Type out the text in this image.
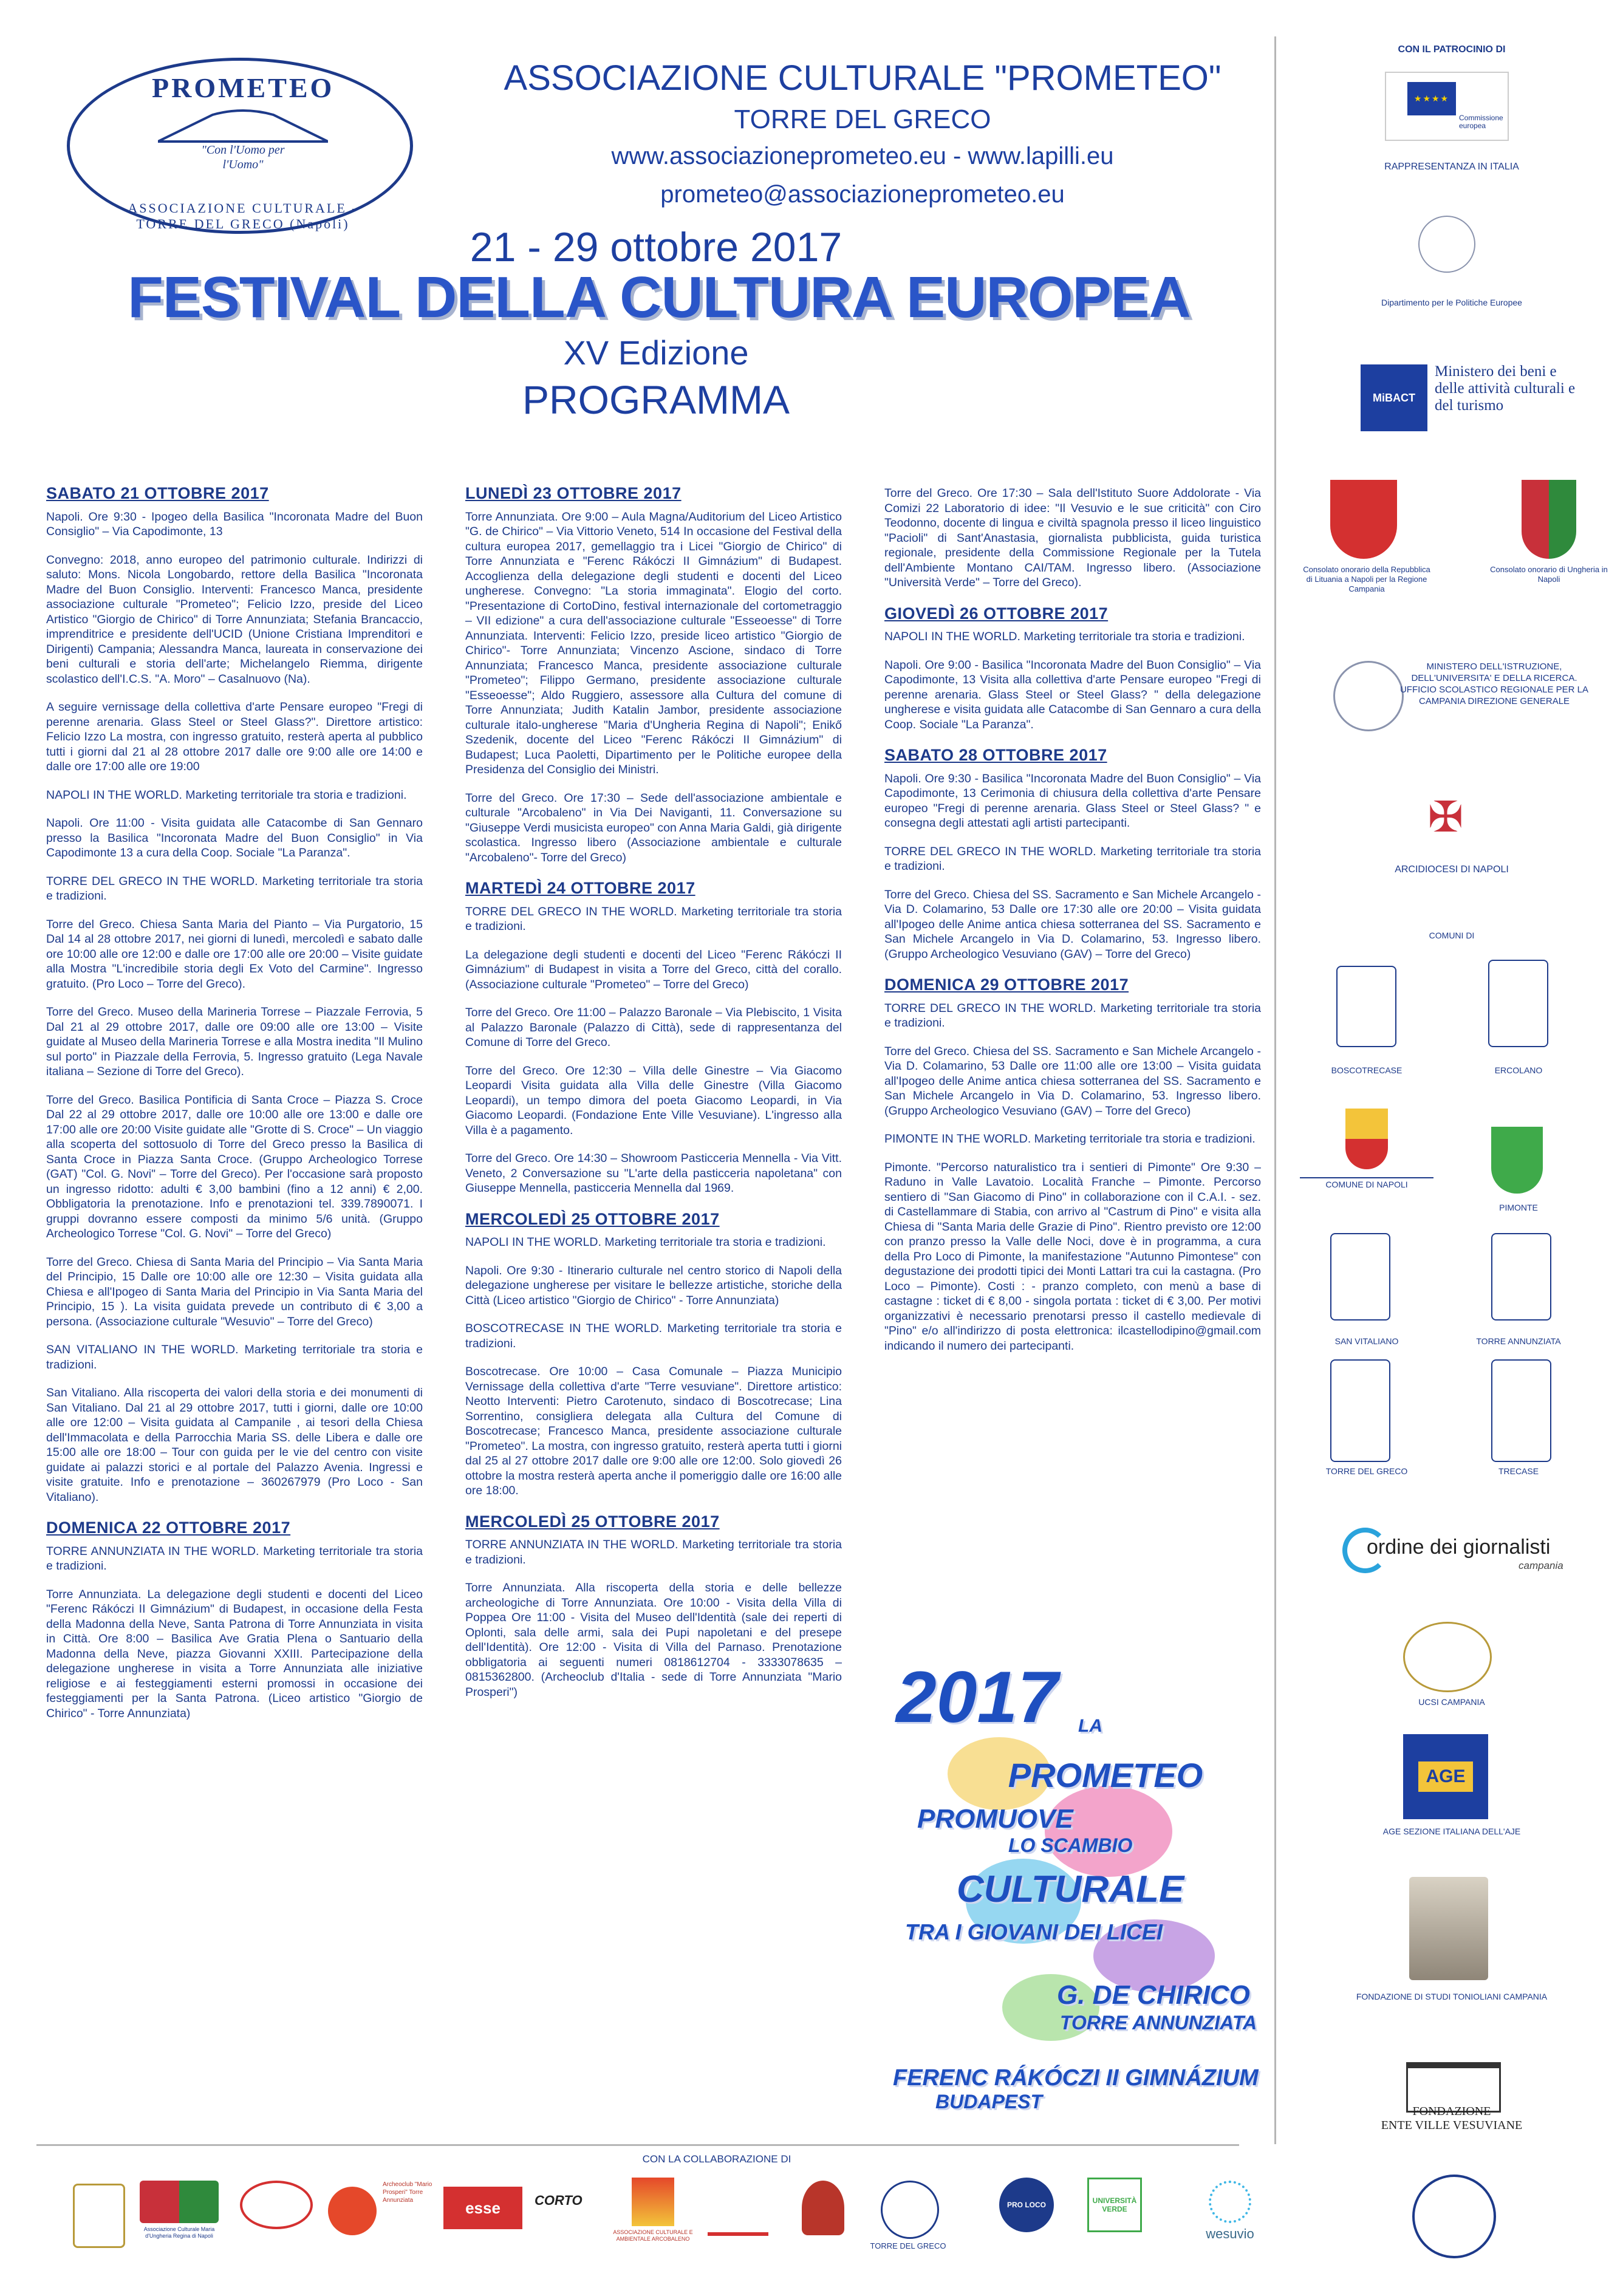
PROMETEO
"Con l'Uomo per l'Uomo"
ASSOCIAZIONE CULTURALE - TORRE DEL GRECO (Napoli)
ASSOCIAZIONE CULTURALE "PROMETEO"
TORRE DEL GRECO
www.associazioneprometeo.eu - www.lapilli.eu
prometeo@associazioneprometeo.eu
21 - 29 ottobre 2017
FESTIVAL DELLA CULTURA EUROPEA
XV Edizione
PROGRAMMA
SABATO 21 OTTOBRE 2017

Napoli. Ore 9:30 - Ipogeo della Basilica "Incoronata Madre del Buon Consiglio" – Via Capodimonte, 13

Convegno: 2018, anno europeo del patrimonio culturale. Indirizzi di saluto: Mons. Nicola Longobardo, rettore della Basilica "Incoronata Madre del Buon Consiglio. Interventi: Francesco Manca, presidente associazione culturale "Prometeo"; Felicio Izzo, preside del Liceo Artistico "Giorgio de Chirico" di Torre Annunziata; Stefania Brancaccio, imprenditrice e presidente dell'UCID (Unione Cristiana Imprenditori e Dirigenti) Campania; Alessandra Manca, laureata in conservazione dei beni culturali e storia dell'arte; Michelangelo Riemma, dirigente scolastico dell'I.C.S. "A. Moro" – Casalnuovo (Na).

A seguire vernissage della collettiva d'arte Pensare europeo "Fregi di perenne arenaria. Glass Steel or Steel Glass?". Direttore artistico: Felicio Izzo La mostra, con ingresso gratuito, resterà aperta al pubblico tutti i giorni dal 21 al 28 ottobre 2017 dalle ore 9:00 alle ore 14:00 e dalle ore 17:00 alle ore 19:00

NAPOLI IN THE WORLD. Marketing territoriale tra storia e tradizioni.

Napoli. Ore 11:00 - Visita guidata alle Catacombe di San Gennaro presso la Basilica "Incoronata Madre del Buon Consiglio" in Via Capodimonte 13 a cura della Coop. Sociale "La Paranza".

TORRE DEL GRECO IN THE WORLD. Marketing territoriale tra storia e tradizioni.

Torre del Greco. Chiesa Santa Maria del Pianto – Via Purgatorio, 15 Dal 14 al 28 ottobre 2017, nei giorni di lunedì, mercoledì e sabato dalle ore 10:00 alle ore 12:00 e dalle ore 17:00 alle ore 20:00 – Visite guidate alla Mostra "L'incredibile storia degli Ex Voto del Carmine". Ingresso gratuito. (Pro Loco – Torre del Greco).

Torre del Greco. Museo della Marineria Torrese – Piazzale Ferrovia, 5 Dal 21 al 29 ottobre 2017, dalle ore 09:00 alle ore 13:00 – Visite guidate al Museo della Marineria Torrese e alla Mostra inedita "Il Mulino sul porto" in Piazzale della Ferrovia, 5. Ingresso gratuito (Lega Navale italiana – Sezione di Torre del Greco).

Torre del Greco. Basilica Pontificia di Santa Croce – Piazza S. Croce Dal 22 al 29 ottobre 2017, dalle ore 10:00 alle ore 13:00 e dalle ore 17:00 alle ore 20:00 Visite guidate alle "Grotte di S. Croce" – Un viaggio alla scoperta del sottosuolo di Torre del Greco presso la Basilica di Santa Croce in Piazza Santa Croce. (Gruppo Archeologico Torrese (GAT) "Col. G. Novi" – Torre del Greco). Per l'occasione sarà proposto un ingresso ridotto: adulti € 3,00 bambini (fino a 12 anni) € 2,00. Obbligatoria la prenotazione. Info e prenotazioni tel. 339.7890071. I gruppi dovranno essere composti da minimo 5/6 unità. (Gruppo Archeologico Torrese "Col. G. Novi" – Torre del Greco)

Torre del Greco. Chiesa di Santa Maria del Principio – Via Santa Maria del Principio, 15 Dalle ore 10:00 alle ore 12:30 – Visita guidata alla Chiesa e all'Ipogeo di Santa Maria del Principio in Via Santa Maria del Principio, 15 ). La visita guidata prevede un contributo di € 3,00 a persona. (Associazione culturale "Wesuvio" – Torre del Greco)

SAN VITALIANO IN THE WORLD. Marketing territoriale tra storia e tradizioni.

San Vitaliano. Alla riscoperta dei valori della storia e dei monumenti di San Vitaliano. Dal 21 al 29 ottobre 2017, tutti i giorni, dalle ore 10:00 alle ore 12:00 – Visita guidata al Campanile , ai tesori della Chiesa dell'Immacolata e della Parrocchia Maria SS. delle Libera e dalle ore 15:00 alle ore 18:00 – Tour con guida per le vie del centro con visite guidate ai palazzi storici e al portale del Palazzo Avenia. Ingressi e visite gratuite. Info e prenotazione – 360267979 (Pro Loco - San Vitaliano).

DOMENICA 22 OTTOBRE 2017

TORRE ANNUNZIATA IN THE WORLD. Marketing territoriale tra storia e tradizioni.

Torre Annunziata. La delegazione degli studenti e docenti del Liceo "Ferenc Rákóczi II Gimnázium" di Budapest, in occasione della Festa della Madonna della Neve, Santa Patrona di Torre Annunziata in visita in Città. Ore 8:00 – Basilica Ave Gratia Plena o Santuario della Madonna della Neve, piazza Giovanni XXIII. Partecipazione della delegazione ungherese in visita a Torre Annunziata alle iniziative religiose e ai festeggiamenti esterni promossi in occasione dei festeggiamenti per la Santa Patrona. (Liceo artistico "Giorgio de Chirico" - Torre Annunziata)

LUNEDÌ 23 OTTOBRE 2017

Torre Annunziata. Ore 9:00 – Aula Magna/Auditorium del Liceo Artistico "G. de Chirico" – Via Vittorio Veneto, 514 In occasione del Festival della cultura europea 2017, gemellaggio tra i Licei "Giorgio de Chirico" di Torre Annunziata e "Ferenc Rákóczi II Gimnázium" di Budapest. Accoglienza della delegazione degli studenti e docenti del Liceo ungherese. Convegno: "La storia immaginata". Elogio del corto. "Presentazione di CortoDino, festival internazionale del cortometraggio – VII edizione" a cura dell'associazione culturale "Esseoesse" di Torre Annunziata. Interventi: Felicio Izzo, preside liceo artistico "Giorgio de Chirico"- Torre Annunziata; Vincenzo Ascione, sindaco di Torre Annunziata; Francesco Manca, presidente associazione culturale "Prometeo"; Filippo Germano, presidente associazione culturale "Esseoesse"; Aldo Ruggiero, assessore alla Cultura del comune di Torre Annunziata; Judith Katalin Jambor, presidente associazione culturale italo-ungherese "Maria d'Ungheria Regina di Napoli"; Enikő Szedenik, docente del Liceo "Ferenc Rákóczi II Gimnázium" di Budapest; Luca Paoletti, Dipartimento per le Politiche europee della Presidenza del Consiglio dei Ministri.

Torre del Greco. Ore 17:30 – Sede dell'associazione ambientale e culturale "Arcobaleno" in Via Dei Naviganti, 11. Conversazione su "Giuseppe Verdi musicista europeo" con Anna Maria Galdi, già dirigente scolastica. Ingresso libero (Associazione ambientale e culturale "Arcobaleno"- Torre del Greco)

MARTEDÌ 24 OTTOBRE 2017

TORRE DEL GRECO IN THE WORLD. Marketing territoriale tra storia e tradizioni.

La delegazione degli studenti e docenti del Liceo "Ferenc Rákóczi II Gimnázium" di Budapest in visita a Torre del Greco, città del corallo. (Associazione culturale "Prometeo" – Torre del Greco)

Torre del Greco. Ore 11:00 – Palazzo Baronale – Via Plebiscito, 1 Visita al Palazzo Baronale (Palazzo di Città), sede di rappresentanza del Comune di Torre del Greco.

Torre del Greco. Ore 12:30 – Villa delle Ginestre – Via Giacomo Leopardi Visita guidata alla Villa delle Ginestre (Villa Giacomo Leopardi), un tempo dimora del poeta Giacomo Leopardi, in Via Giacomo Leopardi. (Fondazione Ente Ville Vesuviane). L'ingresso alla Villa è a pagamento.

Torre del Greco. Ore 14:30 – Showroom Pasticceria Mennella - Via Vitt. Veneto, 2 Conversazione su "L'arte della pasticceria napoletana" con Giuseppe Mennella, pasticceria Mennella dal 1969.

MERCOLEDÌ 25 OTTOBRE 2017

NAPOLI IN THE WORLD. Marketing territoriale tra storia e tradizioni.

Napoli. Ore 9:30 - Itinerario culturale nel centro storico di Napoli della delegazione ungherese per visitare le bellezze artistiche, storiche della Città (Liceo artistico "Giorgio de Chirico" - Torre Annunziata)

BOSCOTRECASE IN THE WORLD. Marketing territoriale tra storia e tradizioni.

Boscotrecase. Ore 10:00 – Casa Comunale – Piazza Municipio Vernissage della collettiva d'arte "Terre vesuviane". Direttore artistico: Neotto Interventi: Pietro Carotenuto, sindaco di Boscotrecase; Lina Sorrentino, consigliera delegata alla Cultura del Comune di Boscotrecase; Francesco Manca, presidente associazione culturale "Prometeo". La mostra, con ingresso gratuito, resterà aperta tutti i giorni dal 25 al 27 ottobre 2017 dalle ore 9:00 alle ore 12:00. Solo giovedì 26 ottobre la mostra resterà aperta anche il pomeriggio dalle ore 16:00 alle ore 18:00.

MERCOLEDÌ 25 OTTOBRE 2017

TORRE ANNUNZIATA IN THE WORLD. Marketing territoriale tra storia e tradizioni.

Torre Annunziata. Alla riscoperta della storia e delle bellezze archeologiche di Torre Annunziata. Ore 10:00 - Visita della Villa di Poppea Ore 11:00 - Visita del Museo dell'Identità (sale dei reperti di Oplonti, sala delle armi, sala dei Pupi napoletani e del presepe dell'Identità). Ore 12:00 - Visita di Villa del Parnaso. Prenotazione obbligatoria ai seguenti numeri 0818612704 - 3333078635 – 0815362800. (Archeoclub d'Italia - sede di Torre Annunziata "Mario Prosperi")

Torre del Greco. Ore 17:30 – Sala dell'Istituto Suore Addolorate - Via Comizi 22 Laboratorio di idee: "Il Vesuvio e le sue criticità" con Ciro Teodonno, docente di lingua e civiltà spagnola presso il liceo linguistico "Pacioli" di Sant'Anastasia, giornalista pubblicista, guida turistica regionale, presidente della Commissione Regionale per la Tutela dell'Ambiente Montano CAI/TAM. Ingresso libero. (Associazione "Università Verde" – Torre del Greco).

GIOVEDÌ 26 OTTOBRE 2017

NAPOLI IN THE WORLD. Marketing territoriale tra storia e tradizioni.

Napoli. Ore 9:00 - Basilica "Incoronata Madre del Buon Consiglio" – Via Capodimonte, 13 Visita alla collettiva d'arte Pensare europeo "Fregi di perenne arenaria. Glass Steel or Steel Glass? " della delegazione ungherese e visita guidata alle Catacombe di San Gennaro a cura della Coop. Sociale "La Paranza".

SABATO 28 OTTOBRE 2017

Napoli. Ore 9:30 - Basilica "Incoronata Madre del Buon Consiglio" – Via Capodimonte, 13 Cerimonia di chiusura della collettiva d'arte Pensare europeo "Fregi di perenne arenaria. Glass Steel or Steel Glass? " e consegna degli attestati agli artisti partecipanti.

TORRE DEL GRECO IN THE WORLD. Marketing territoriale tra storia e tradizioni.

Torre del Greco. Chiesa del SS. Sacramento e San Michele Arcangelo - Via D. Colamarino, 53 Dalle ore 17:30 alle ore 20:00 – Visita guidata all'Ipogeo delle Anime antica chiesa sotterranea del SS. Sacramento e San Michele Arcangelo in Via D. Colamarino, 53. Ingresso libero. (Gruppo Archeologico Vesuviano (GAV) – Torre del Greco)

DOMENICA 29 OTTOBRE 2017

TORRE DEL GRECO IN THE WORLD. Marketing territoriale tra storia e tradizioni.

Torre del Greco. Chiesa del SS. Sacramento e San Michele Arcangelo - Via D. Colamarino, 53 Dalle ore 11:00 alle ore 13:00 – Visita guidata all'Ipogeo delle Anime antica chiesa sotterranea del SS. Sacramento e San Michele Arcangelo in Via D. Colamarino, 53. Ingresso libero. (Gruppo Archeologico Vesuviano (GAV) – Torre del Greco)

PIMONTE IN THE WORLD. Marketing territoriale tra storia e tradizioni.

Pimonte. "Percorso naturalistico tra i sentieri di Pimonte" Ore 9:30 – Raduno in Valle Lavatoio. Località Franche – Pimonte. Percorso sentiero di "San Giacomo di Pino" in collaborazione con il C.A.I. - sez. di Castellammare di Stabia, con arrivo al "Castrum di Pino" e visita alla Chiesa di "Santa Maria delle Grazie di Pino". Rientro previsto ore 12:00 con pranzo presso la Valle delle Noci, dove è in programma, a cura della Pro Loco di Pimonte, la manifestazione "Autunno Pimontese" con degustazione dei prodotti tipici dei Monti Lattari tra cui la castagna. (Pro Loco – Pimonte). Costi : - pranzo completo, con menù a base di castagne : ticket di € 8,00 - singola portata : ticket di € 3,00. Per motivi organizzativi è necessario prenotarsi presso il castello medievale di "Pino" e/o all'indirizzo di posta elettronica: ilcastellodipino@gmail.com indicando il numero dei partecipanti.

2017 LA
PROMETEO
PROMUOVE
LO SCAMBIO
CULTURALE
TRA I GIOVANI DEI LICEI
G. DE CHIRICO
TORRE ANNUNZIATA
FERENC RÁKÓCZI II GIMNÁZIUM
BUDAPEST
CON IL PATROCINIO DI
★★★★
Commissione europea
RAPPRESENTANZA IN ITALIA
Dipartimento per le Politiche Europee
MiBACT
Ministero dei beni e delle attività culturali e del turismo
Consolato onorario della Repubblica di Lituania a Napoli per la Regione Campania
Consolato onorario di Ungheria in Napoli
MINISTERO DELL'ISTRUZIONE, DELL'UNIVERSITA' E DELLA RICERCA. UFFICIO SCOLASTICO REGIONALE PER LA CAMPANIA DIREZIONE GENERALE
✠
ARCIDIOCESI DI NAPOLI
COMUNI DI
BOSCOTRECASE	ERCOLANO
COMUNE DI NAPOLI
PIMONTE
SAN VITALIANO	TORRE ANNUNZIATA
TORRE DEL GRECO	TRECASE
ordine dei giornalisti
campania
UCSI CAMPANIA
AGE
AGE SEZIONE ITALIANA DELL'AJE
FONDAZIONE DI STUDI TONIOLIANI CAMPANIA
FONDAZIONE
ENTE VILLE VESUVIANE
CON LA COLLABORAZIONE DI
Associazione Culturale Maria d'Ungheria Regina di Napoli
Archeoclub "Mario Prosperi" Torre Annunziata	esse oesse
CORTO
ASSOCIAZIONE CULTURALE E AMBIENTALE ARCOBALENO
TORRE DEL GRECO
PRO LOCO	UNIVERSITÀ VERDE
wesuvio
